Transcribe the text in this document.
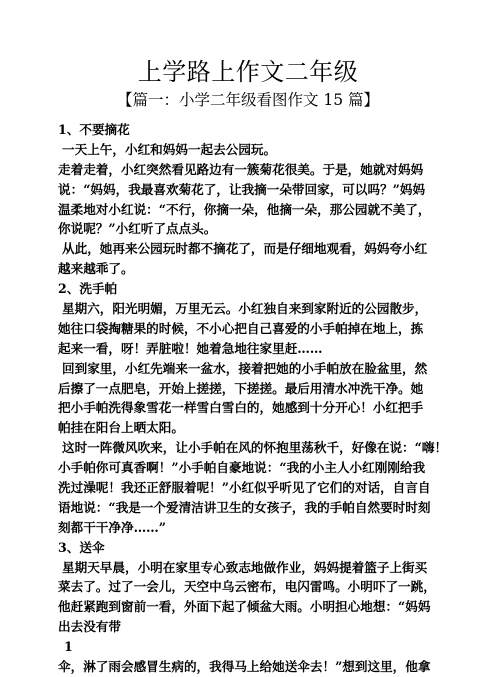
上学路上作文二年级
【篇一：小学二年级看图作文 15 篇】
1、不要摘花
一天上午，小红和妈妈一起去公园玩。
走着走着，小红突然看见路边有一簇菊花很美。于是，她就对妈妈
说：“妈妈，我最喜欢菊花了，让我摘一朵带回家，可以吗？”妈妈
温柔地对小红说：“不行，你摘一朵，他摘一朵，那公园就不美了，
你说呢？”小红听了点点头。
从此，她再来公园玩时都不摘花了，而是仔细地观看，妈妈夸小红
越来越乖了。
2、洗手帕
星期六，阳光明媚，万里无云。小红独自来到家附近的公园散步，
她往口袋掏糖果的时候，不小心把自己喜爱的小手帕掉在地上，拣
起来一看，呀！弄脏啦！她着急地往家里赶……
回到家里，小红先端来一盆水，接着把她的小手帕放在脸盆里，然
后擦了一点肥皂，开始上搓搓，下搓搓。最后用清水冲洗干净。她
把小手帕洗得象雪花一样雪白雪白的，她感到十分开心！小红把手
帕挂在阳台上晒太阳。
这时一阵微风吹来，让小手帕在风的怀抱里荡秋千，好像在说：“嗨！
小手帕你可真香啊！”小手帕自豪地说：“我的小主人小红刚刚给我
洗过澡呢！我还正舒服着呢！”小红似乎听见了它们的对话，自言自
语地说：“我是一个爱清洁讲卫生的女孩子，我的手帕自然要时时刻
刻都干干净净……”
3、送伞
星期天早晨，小明在家里专心致志地做作业，妈妈提着篮子上街买
菜去了。过了一会儿，天空中乌云密布，电闪雷鸣。小明吓了一跳，
他赶紧跑到窗前一看，外面下起了倾盆大雨。小明担心地想：“妈妈
出去没有带
1
伞，淋了雨会感冒生病的，我得马上给她送伞去！”想到这里，他拿
